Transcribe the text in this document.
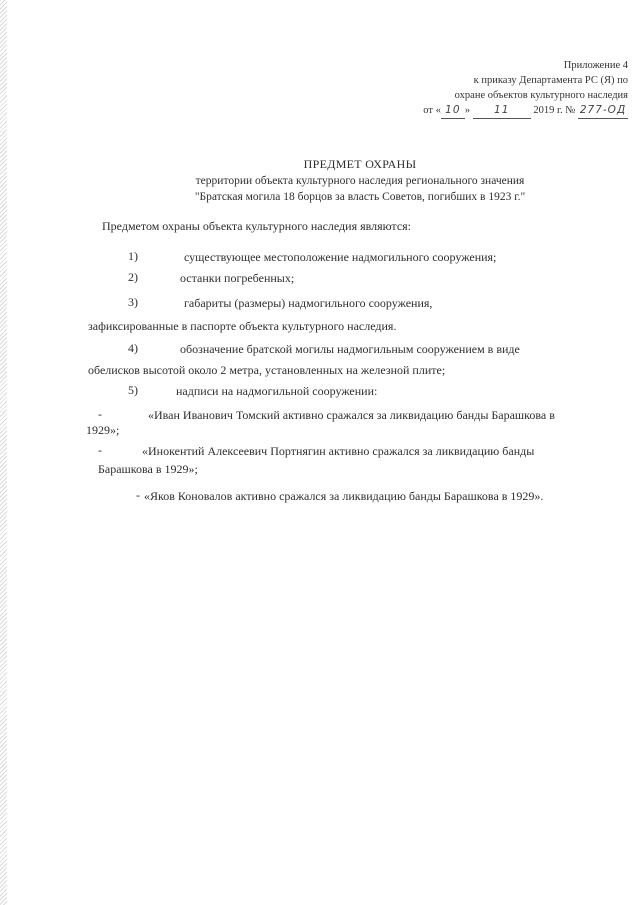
Приложение 4
к приказу Департамента РС (Я) по
охране объектов культурного наследия
от « 10 » 11 2019 г. № 277-ОД
ПРЕДМЕТ ОХРАНЫ
территории объекта культурного наследия регионального значения
"Братская могила 18 борцов за власть Советов, погибших в 1923 г."
Предметом охраны объекта культурного наследия являются:
1)	существующее местоположение надмогильного сооружения;
2)	останки погребенных;
3)	габариты (размеры) надмогильного сооружения,
зафиксированные в паспорте объекта культурного наследия.
4)	обозначение братской могилы надмогильным сооружением в виде
обелисков высотой около 2 метра, установленных на железной плите;
5)	надписи на надмогильной сооружении:
-	«Иван Иванович Томский активно сражался за ликвидацию банды Барашкова в
1929»;
-	«Инокентий Алексеевич Портнягин активно сражался за ликвидацию банды
Барашкова в 1929»;
- «Яков Коновалов активно сражался за ликвидацию банды Барашкова в 1929».
